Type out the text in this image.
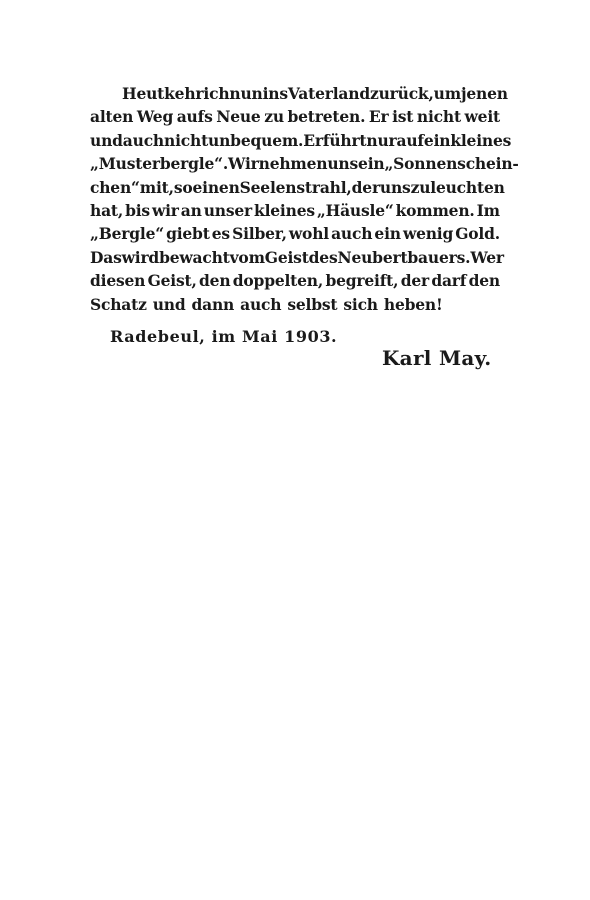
Heut kehr ich nun ins Vaterland zurück, um jenen
alten Weg aufs Neue zu betreten. Er ist nicht weit
und auch nicht unbequem. Er führt nur auf ein kleines
„Musterbergle“. Wir nehmen uns ein „Sonnenschein-
chen“ mit, so einen Seelenstrahl, der uns zu leuchten
hat, bis wir an unser kleines „Häusle“ kommen. Im
„Bergle“ giebt es Silber, wohl auch ein wenig Gold.
Das wird bewacht vom Geist des Neubertbauers. Wer
diesen Geist, den doppelten, begreift, der darf den
Schatz und dann auch selbst sich heben!
Radebeul, im Mai 1903.
Karl May.
